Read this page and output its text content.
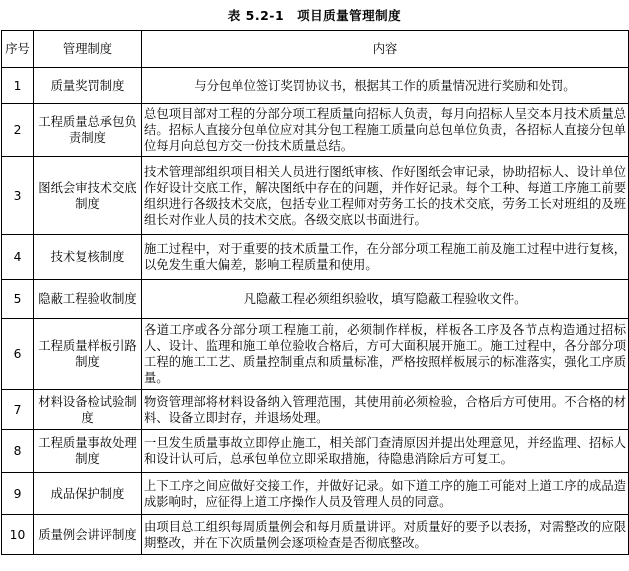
表 5.2-1　项目质量管理制度
序号	管理制度	内容
1	质量奖罚制度	与分包单位签订奖罚协议书，根据其工作的质量情况进行奖励和处罚。
2	工程质量总承包负责制度	总包项目部对工程的分部分项工程质量向招标人负责，每月向招标人呈交本月技术质量总结。招标人直接分包单位应对其分包工程施工质量向总包单位负责，各招标人直接分包单位每月向总包方交一份技术质量总结。
3	图纸会审技术交底制度	技术管理部组织项目相关人员进行图纸审核、作好图纸会审记录，协助招标人、设计单位作好设计交底工作，解决图纸中存在的问题，并作好记录。每个工种、每道工序施工前要组织进行各级技术交底，包括专业工程师对劳务工长的技术交底，劳务工长对班组的及班组长对作业人员的技术交底。各级交底以书面进行。
4	技术复核制度	施工过程中，对于重要的技术质量工作，在分部分项工程施工前及施工过程中进行复核，以免发生重大偏差，影响工程质量和使用。
5	隐蔽工程验收制度	凡隐蔽工程必须组织验收，填写隐蔽工程验收文件。
6	工程质量样板引路制度	各道工序或各分部分项工程施工前，必须制作样板，样板各工序及各节点构造通过招标人、设计、监理和施工单位验收合格后，方可大面积展开施工。施工过程中，各分部分项工程的施工工艺、质量控制重点和质量标准，严格按照样板展示的标准落实，强化工序质量。
7	材料设备检试验制度	物资管理部将材料设备纳入管理范围，其使用前必须检验，合格后方可使用。不合格的材料、设备立即封存，并退场处理。
8	工程质量事故处理制度	一旦发生质量事故立即停止施工，相关部门查清原因并提出处理意见，并经监理、招标人和设计认可后，总承包单位立即采取措施，待隐患消除后方可复工。
9	成品保护制度	上下工序之间应做好交接工作，并做好记录。如下道工序的施工可能对上道工序的成品造成影响时，应征得上道工序操作人员及管理人员的同意。
10	质量例会讲评制度	由项目总工组织每周质量例会和每月质量讲评。对质量好的要予以表扬，对需整改的应限期整改，并在下次质量例会逐项检查是否彻底整改。
